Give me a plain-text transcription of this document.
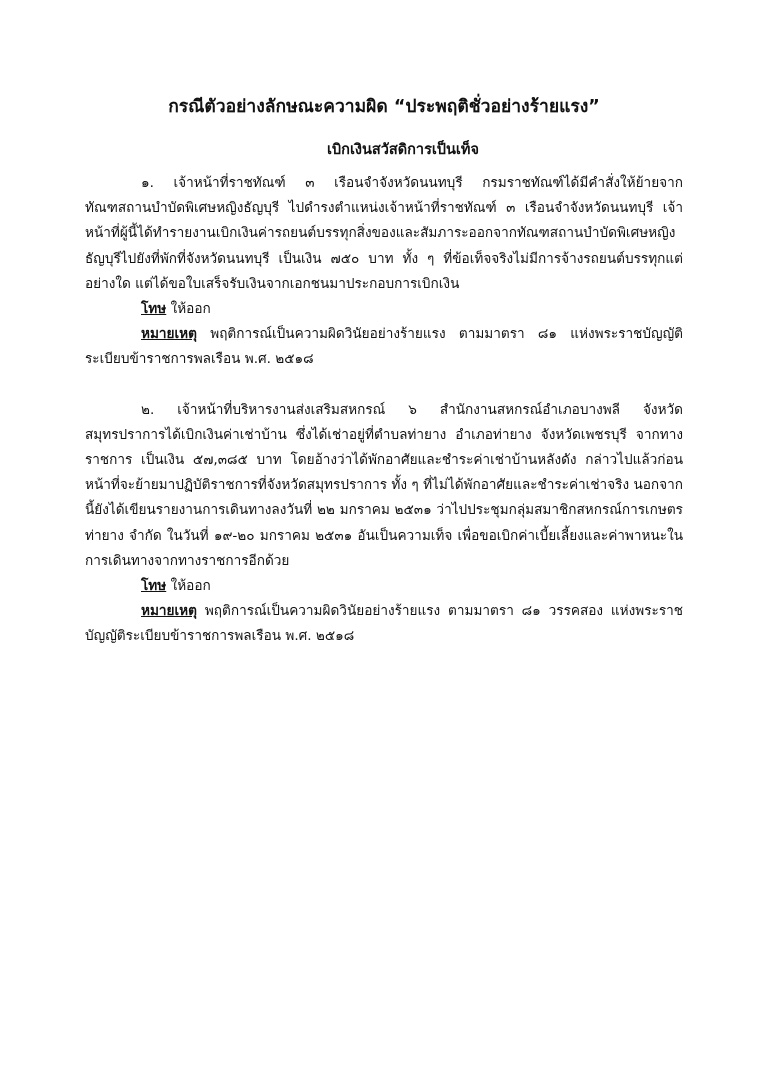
กรณีตัวอย่างลักษณะความผิด “ประพฤติชั่วอย่างร้ายแรง”
เบิกเงินสวัสดิการเป็นเท็จ

๑. เจ้าหน้าที่ราชทัณฑ์ ๓ เรือนจำจังหวัดนนทบุรี กรมราชทัณฑ์ได้มีคำสั่งให้ย้ายจากทัณฑสถานบำบัดพิเศษหญิงธัญบุรี ไปดำรงตำแหน่งเจ้าหน้าที่ราชทัณฑ์ ๓ เรือนจำจังหวัดนนทบุรี เจ้า หน้าที่ผู้นี้ได้ทำรายงานเบิกเงินค่ารถยนต์บรรทุกสิ่งของและสัมภาระออกจากทัณฑสถานบำบัดพิเศษหญิงธัญบุรีไปยังที่พักที่จังหวัดนนทบุรี เป็นเงิน ๗๕๐ บาท ทั้ง ๆ ที่ข้อเท็จจริงไม่มีการจ้างรถยนต์บรรทุกแต่อย่างใด แต่ได้ขอใบเสร็จรับเงินจากเอกชนมาประกอบการเบิกเงิน

โทษ ให้ออก

หมายเหตุ พฤติการณ์เป็นความผิดวินัยอย่างร้ายแรง ตามมาตรา ๘๑ แห่งพระราชบัญญัติระเบียบข้าราชการพลเรือน พ.ศ. ๒๕๑๘

๒. เจ้าหน้าที่บริหารงานส่งเสริมสหกรณ์ ๖ สำนักงานสหกรณ์อำเภอบางพลี จังหวัดสมุทรปราการได้เบิกเงินค่าเช่าบ้าน ซึ่งได้เช่าอยู่ที่ตำบลท่ายาง อำเภอท่ายาง จังหวัดเพชรบุรี จากทางราชการ เป็นเงิน ๕๗,๓๘๕ บาท โดยอ้างว่าได้พักอาศัยและชำระค่าเช่าบ้านหลังดัง กล่าวไปแล้วก่อนหน้าที่จะย้ายมาปฏิบัติราชการที่จังหวัดสมุทรปราการ ทั้ง ๆ ที่ไม่ได้พักอาศัยและชำระค่าเช่าจริง นอกจากนี้ยังได้เขียนรายงานการเดินทางลงวันที่ ๒๒ มกราคม ๒๕๓๑ ว่าไปประชุมกลุ่มสมาชิกสหกรณ์การเกษตรท่ายาง จำกัด ในวันที่ ๑๙-๒๐ มกราคม ๒๕๓๑ อันเป็นความเท็จ เพื่อขอเบิกค่าเบี้ยเลี้ยงและค่าพาหนะในการเดินทางจากทางราชการอีกด้วย

โทษ ให้ออก

หมายเหตุ พฤติการณ์เป็นความผิดวินัยอย่างร้ายแรง ตามมาตรา ๘๑ วรรคสอง แห่งพระราชบัญญัติระเบียบข้าราชการพลเรือน พ.ศ. ๒๕๑๘
